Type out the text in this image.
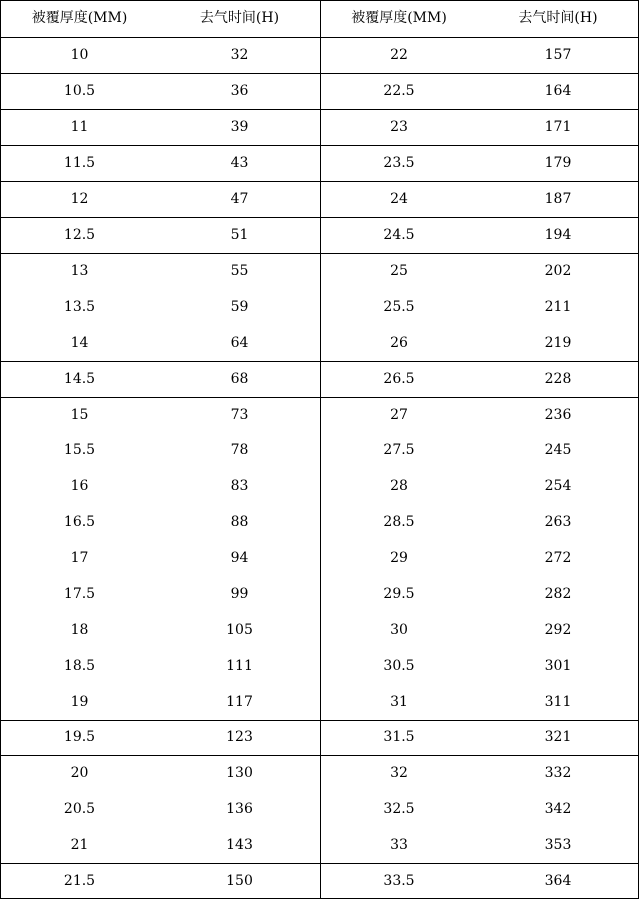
被覆厚度(MM)	去气时间(H)	被覆厚度(MM)	去气时间(H)
10	32	22	157
10.5	36	22.5	164
11	39	23	171
11.5	43	23.5	179
12	47	24	187
12.5	51	24.5	194
13	55	25	202
13.5	59	25.5	211
14	64	26	219
14.5	68	26.5	228
15	73	27	236
15.5	78	27.5	245
16	83	28	254
16.5	88	28.5	263
17	94	29	272
17.5	99	29.5	282
18	105	30	292
18.5	111	30.5	301
19	117	31	311
19.5	123	31.5	321
20	130	32	332
20.5	136	32.5	342
21	143	33	353
21.5	150	33.5	364
